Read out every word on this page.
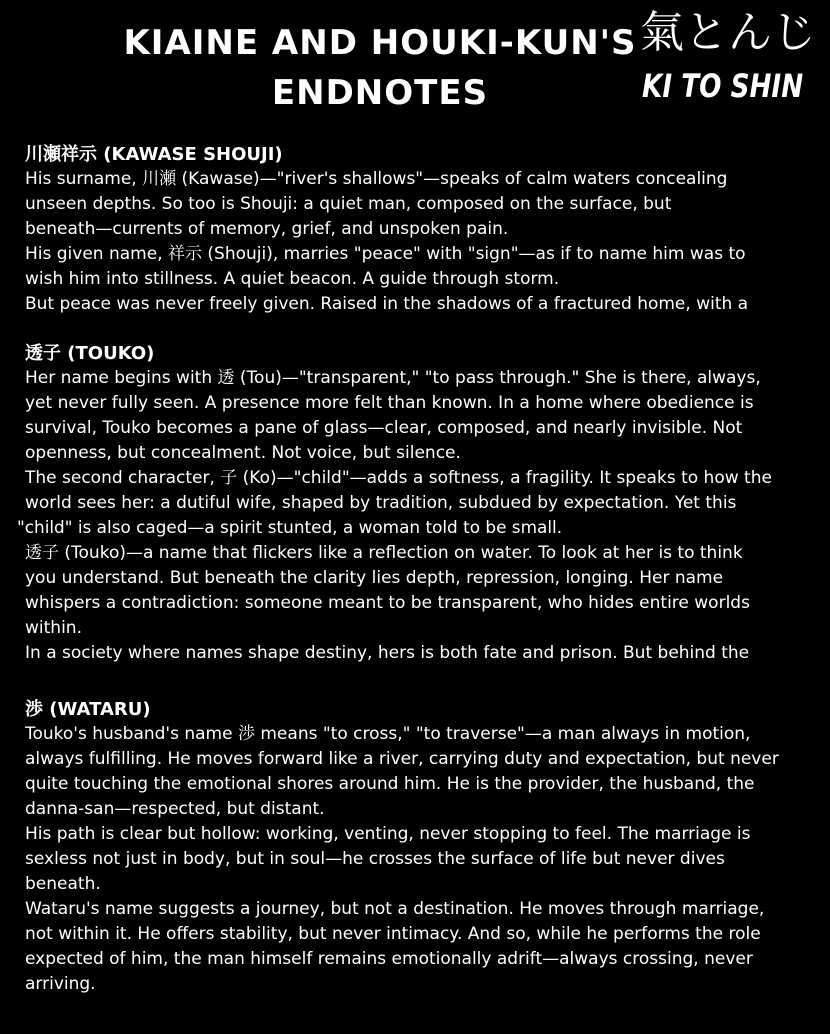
KIAINE AND HOUKI-KUN'S
ENDNOTES
氣とんじ
KI TO SHIN
川瀬祥示 (KAWASE SHOUJI)
His surname, 川瀬 (Kawase)—"river's shallows"—speaks of calm waters concealing
unseen depths. So too is Shouji: a quiet man, composed on the surface, but
beneath—currents of memory, grief, and unspoken pain.
His given name, 祥示 (Shouji), marries "peace" with "sign"—as if to name him was to
wish him into stillness. A quiet beacon. A guide through storm.
But peace was never freely given. Raised in the shadows of a fractured home, with a
透子 (TOUKO)
Her name begins with 透 (Tou)—"transparent," "to pass through." She is there, always,
yet never fully seen. A presence more felt than known. In a home where obedience is
survival, Touko becomes a pane of glass—clear, composed, and nearly invisible. Not
openness, but concealment. Not voice, but silence.
The second character, 子 (Ko)—"child"—adds a softness, a fragility. It speaks to how the
world sees her: a dutiful wife, shaped by tradition, subdued by expectation. Yet this
"child" is also caged—a spirit stunted, a woman told to be small.
透子 (Touko)—a name that flickers like a reflection on water. To look at her is to think
you understand. But beneath the clarity lies depth, repression, longing. Her name
whispers a contradiction: someone meant to be transparent, who hides entire worlds
within.
In a society where names shape destiny, hers is both fate and prison. But behind the
渉 (WATARU)
Touko's husband's name 渉 means "to cross," "to traverse"—a man always in motion,
always fulfilling. He moves forward like a river, carrying duty and expectation, but never
quite touching the emotional shores around him. He is the provider, the husband, the
danna-san—respected, but distant.
His path is clear but hollow: working, venting, never stopping to feel. The marriage is
sexless not just in body, but in soul—he crosses the surface of life but never dives
beneath.
Wataru's name suggests a journey, but not a destination. He moves through marriage,
not within it. He offers stability, but never intimacy. And so, while he performs the role
expected of him, the man himself remains emotionally adrift—always crossing, never
arriving.
